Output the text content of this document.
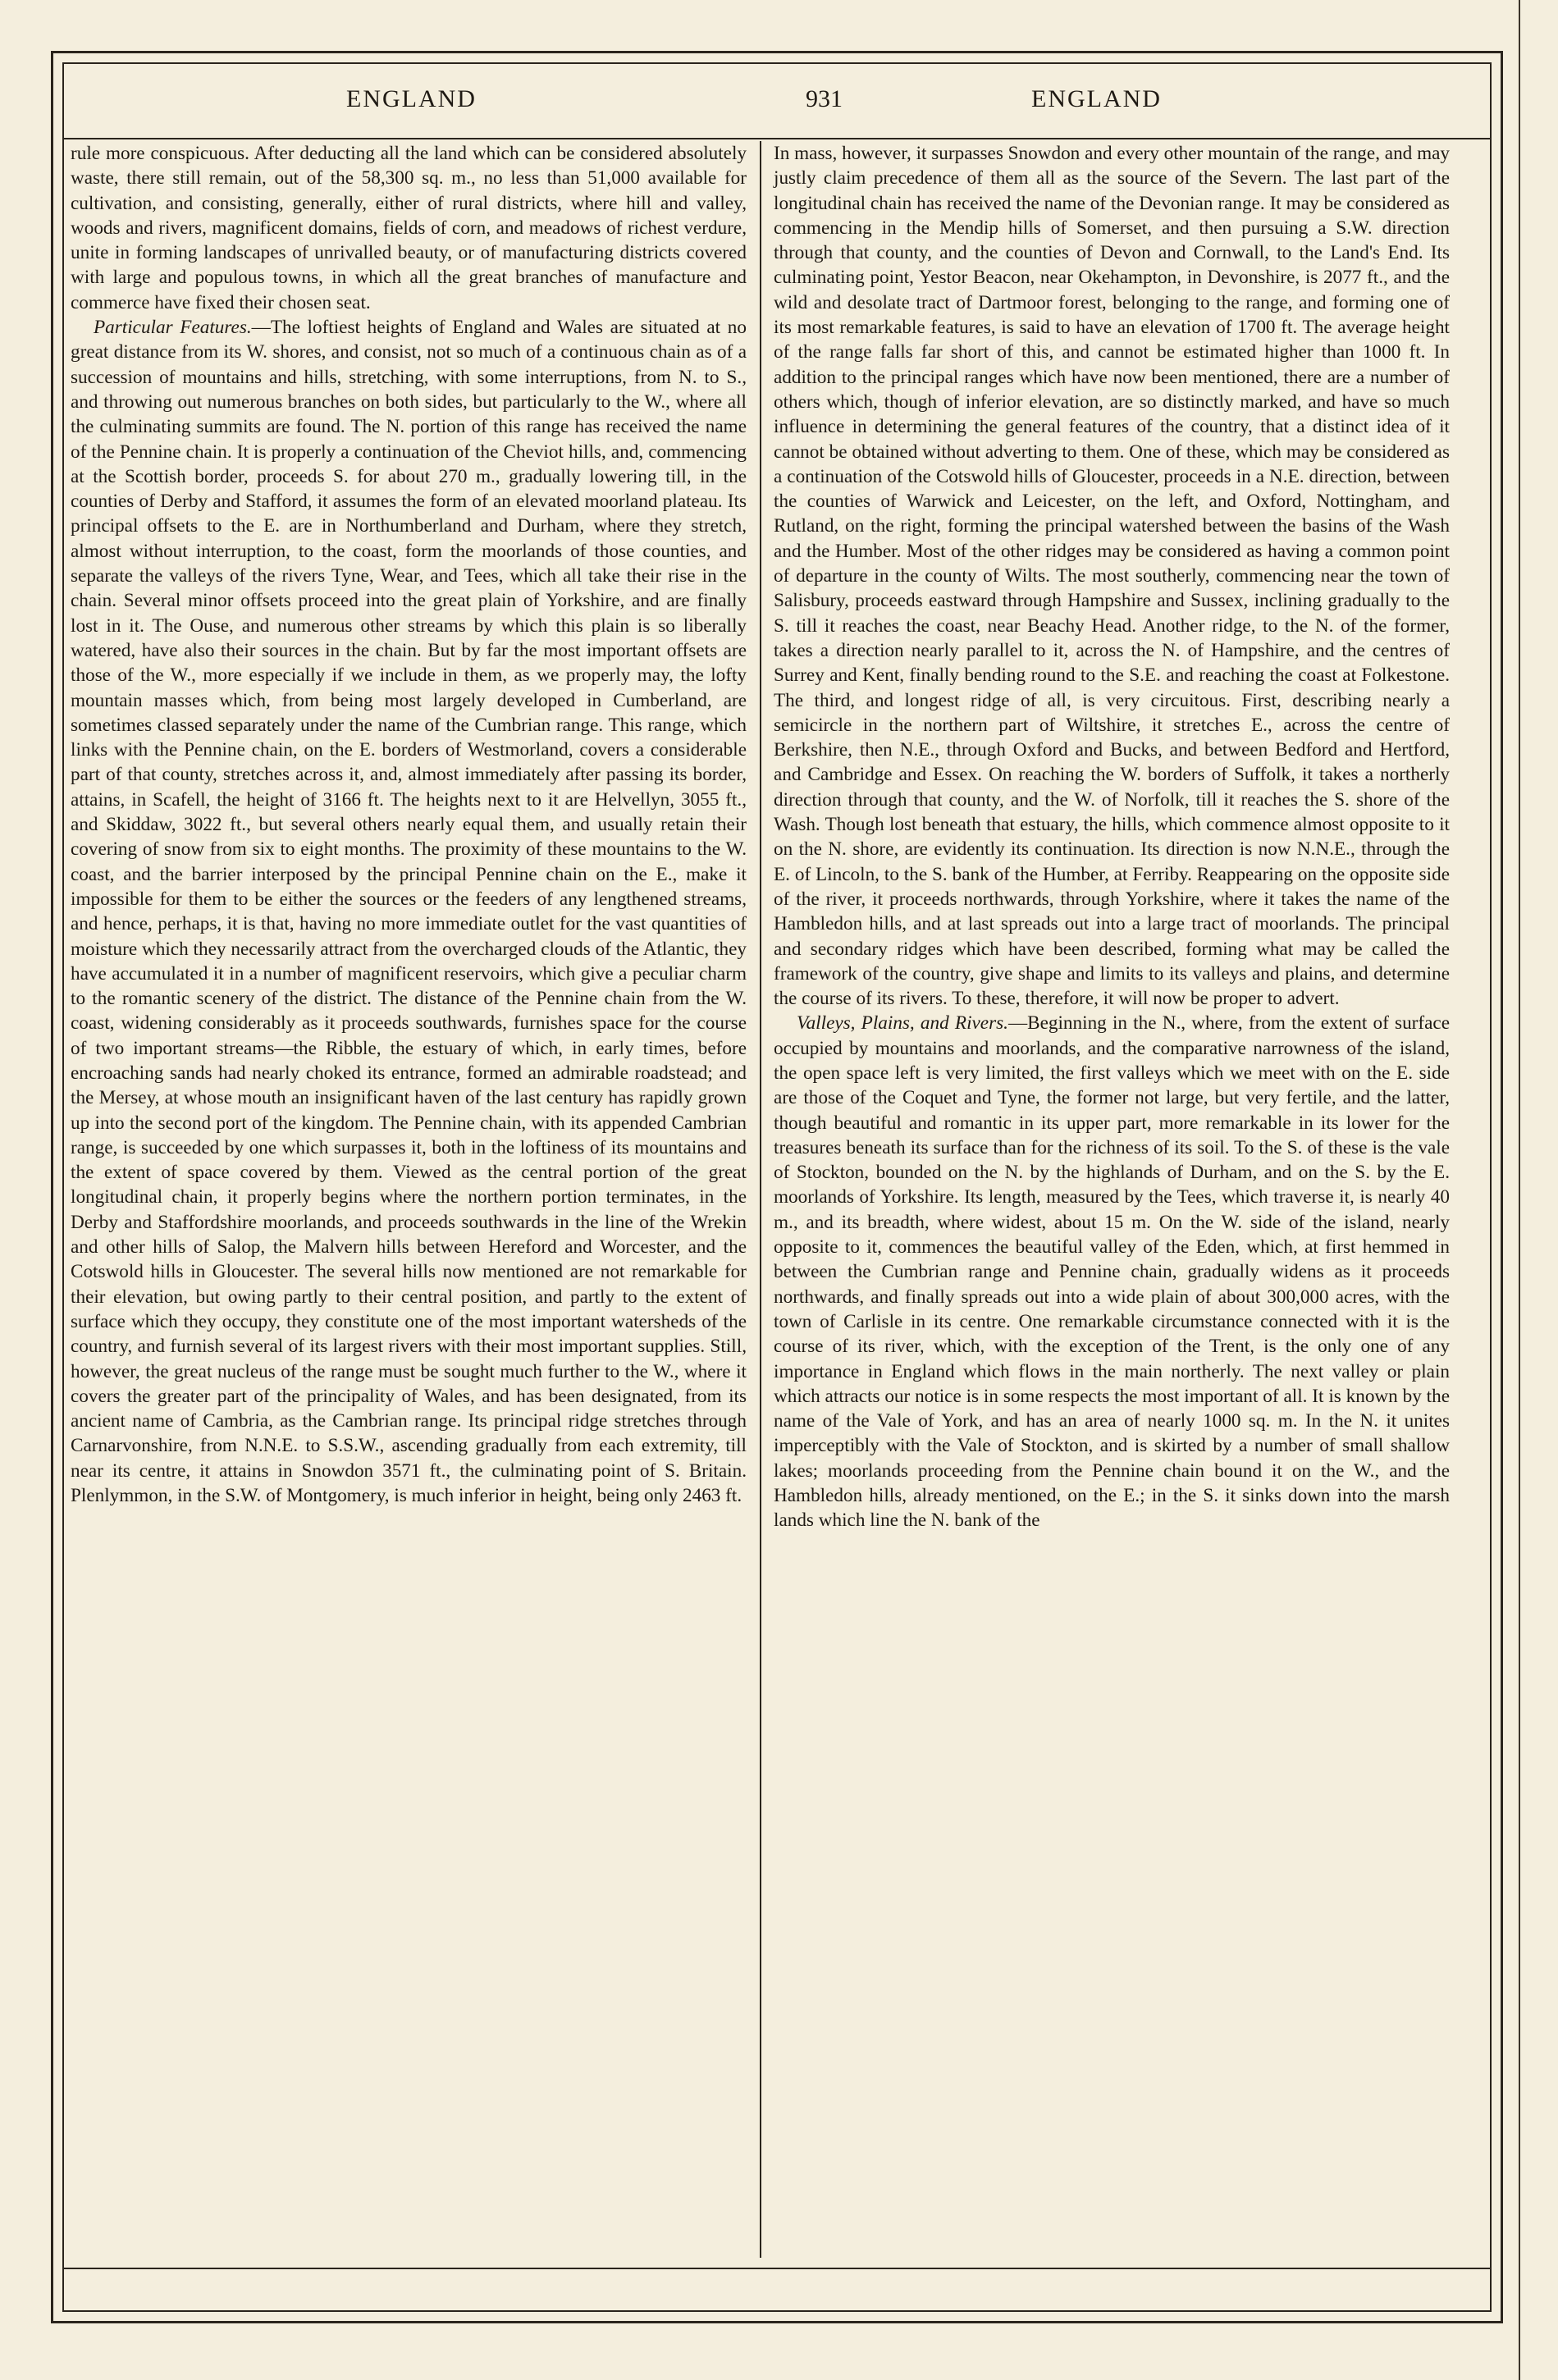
ENGLAND	931	ENGLAND

rule more conspicuous. After deducting all the land which can be considered absolutely waste, there still remain, out of the 58,300 sq. m., no less than 51,000 available for cultivation, and consisting, generally, either of rural districts, where hill and valley, woods and rivers, magnificent domains, fields of corn, and meadows of richest verdure, unite in forming landscapes of unrivalled beauty, or of manufacturing districts covered with large and populous towns, in which all the great branches of manufacture and commerce have fixed their chosen seat.

Particular Features.—The loftiest heights of England and Wales are situated at no great distance from its W. shores, and consist, not so much of a continuous chain as of a succession of mountains and hills, stretching, with some interruptions, from N. to S., and throwing out numerous branches on both sides, but particularly to the W., where all the culminating summits are found. The N. portion of this range has received the name of the Pennine chain. It is properly a continuation of the Cheviot hills, and, commencing at the Scottish border, proceeds S. for about 270 m., gradually lowering till, in the counties of Derby and Stafford, it assumes the form of an elevated moorland plateau. Its principal offsets to the E. are in Northumberland and Durham, where they stretch, almost without interruption, to the coast, form the moorlands of those counties, and separate the valleys of the rivers Tyne, Wear, and Tees, which all take their rise in the chain. Several minor offsets proceed into the great plain of Yorkshire, and are finally lost in it. The Ouse, and numerous other streams by which this plain is so liberally watered, have also their sources in the chain. But by far the most important offsets are those of the W., more especially if we include in them, as we properly may, the lofty mountain masses which, from being most largely developed in Cumberland, are sometimes classed separately under the name of the Cumbrian range. This range, which links with the Pennine chain, on the E. borders of Westmorland, covers a considerable part of that county, stretches across it, and, almost immediately after passing its border, attains, in Scafell, the height of 3166 ft. The heights next to it are Helvellyn, 3055 ft., and Skiddaw, 3022 ft., but several others nearly equal them, and usually retain their covering of snow from six to eight months. The proximity of these mountains to the W. coast, and the barrier interposed by the principal Pennine chain on the E., make it impossible for them to be either the sources or the feeders of any lengthened streams, and hence, perhaps, it is that, having no more immediate outlet for the vast quantities of moisture which they necessarily attract from the overcharged clouds of the Atlantic, they have accumulated it in a number of magnificent reservoirs, which give a peculiar charm to the romantic scenery of the district. The distance of the Pennine chain from the W. coast, widening considerably as it proceeds southwards, furnishes space for the course of two important streams—the Ribble, the estuary of which, in early times, before encroaching sands had nearly choked its entrance, formed an admirable roadstead; and the Mersey, at whose mouth an insignificant haven of the last century has rapidly grown up into the second port of the kingdom. The Pennine chain, with its appended Cambrian range, is succeeded by one which surpasses it, both in the loftiness of its mountains and the extent of space covered by them. Viewed as the central portion of the great longitudinal chain, it properly begins where the northern portion terminates, in the Derby and Staffordshire moorlands, and proceeds southwards in the line of the Wrekin and other hills of Salop, the Malvern hills between Hereford and Worcester, and the Cotswold hills in Gloucester. The several hills now mentioned are not remarkable for their elevation, but owing partly to their central position, and partly to the extent of surface which they occupy, they constitute one of the most important watersheds of the country, and furnish several of its largest rivers with their most important supplies. Still, however, the great nucleus of the range must be sought much further to the W., where it covers the greater part of the principality of Wales, and has been designated, from its ancient name of Cambria, as the Cambrian range. Its principal ridge stretches through Carnarvonshire, from N.N.E. to S.S.W., ascending gradually from each extremity, till near its centre, it attains in Snowdon 3571 ft., the culminating point of S. Britain. Plenlymmon, in the S.W. of Montgomery, is much inferior in height, being only 2463 ft.

In mass, however, it surpasses Snowdon and every other mountain of the range, and may justly claim precedence of them all as the source of the Severn. The last part of the longitudinal chain has received the name of the Devonian range. It may be considered as commencing in the Mendip hills of Somerset, and then pursuing a S.W. direction through that county, and the counties of Devon and Cornwall, to the Land's End. Its culminating point, Yestor Beacon, near Okehampton, in Devonshire, is 2077 ft., and the wild and desolate tract of Dartmoor forest, belonging to the range, and forming one of its most remarkable features, is said to have an elevation of 1700 ft. The average height of the range falls far short of this, and cannot be estimated higher than 1000 ft. In addition to the principal ranges which have now been mentioned, there are a number of others which, though of inferior elevation, are so distinctly marked, and have so much influence in determining the general features of the country, that a distinct idea of it cannot be obtained without adverting to them. One of these, which may be considered as a continuation of the Cotswold hills of Gloucester, proceeds in a N.E. direction, between the counties of Warwick and Leicester, on the left, and Oxford, Nottingham, and Rutland, on the right, forming the principal watershed between the basins of the Wash and the Humber. Most of the other ridges may be considered as having a common point of departure in the county of Wilts. The most southerly, commencing near the town of Salisbury, proceeds eastward through Hampshire and Sussex, inclining gradually to the S. till it reaches the coast, near Beachy Head. Another ridge, to the N. of the former, takes a direction nearly parallel to it, across the N. of Hampshire, and the centres of Surrey and Kent, finally bending round to the S.E. and reaching the coast at Folkestone. The third, and longest ridge of all, is very circuitous. First, describing nearly a semicircle in the northern part of Wiltshire, it stretches E., across the centre of Berkshire, then N.E., through Oxford and Bucks, and between Bedford and Hertford, and Cambridge and Essex. On reaching the W. borders of Suffolk, it takes a northerly direction through that county, and the W. of Norfolk, till it reaches the S. shore of the Wash. Though lost beneath that estuary, the hills, which commence almost opposite to it on the N. shore, are evidently its continuation. Its direction is now N.N.E., through the E. of Lincoln, to the S. bank of the Humber, at Ferriby. Reappearing on the opposite side of the river, it proceeds northwards, through Yorkshire, where it takes the name of the Hambledon hills, and at last spreads out into a large tract of moorlands. The principal and secondary ridges which have been described, forming what may be called the framework of the country, give shape and limits to its valleys and plains, and determine the course of its rivers. To these, therefore, it will now be proper to advert.

Valleys, Plains, and Rivers.—Beginning in the N., where, from the extent of surface occupied by mountains and moorlands, and the comparative narrowness of the island, the open space left is very limited, the first valleys which we meet with on the E. side are those of the Coquet and Tyne, the former not large, but very fertile, and the latter, though beautiful and romantic in its upper part, more remarkable in its lower for the treasures beneath its surface than for the richness of its soil. To the S. of these is the vale of Stockton, bounded on the N. by the highlands of Durham, and on the S. by the E. moorlands of Yorkshire. Its length, measured by the Tees, which traverse it, is nearly 40 m., and its breadth, where widest, about 15 m. On the W. side of the island, nearly opposite to it, commences the beautiful valley of the Eden, which, at first hemmed in between the Cumbrian range and Pennine chain, gradually widens as it proceeds northwards, and finally spreads out into a wide plain of about 300,000 acres, with the town of Carlisle in its centre. One remarkable circumstance connected with it is the course of its river, which, with the exception of the Trent, is the only one of any importance in England which flows in the main northerly. The next valley or plain which attracts our notice is in some respects the most important of all. It is known by the name of the Vale of York, and has an area of nearly 1000 sq. m. In the N. it unites imperceptibly with the Vale of Stockton, and is skirted by a number of small shallow lakes; moorlands proceeding from the Pennine chain bound it on the W., and the Hambledon hills, already mentioned, on the E.; in the S. it sinks down into the marsh lands which line the N. bank of the
